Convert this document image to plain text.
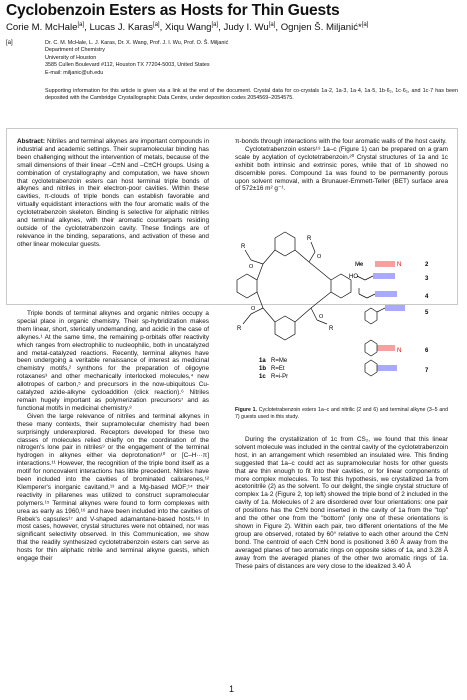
Cyclobenzoin Esters as Hosts for Thin Guests
Corie M. McHale[a], Lucas J. Karas[a], Xiqu Wang[a], Judy I. Wu[a], Ognjen Š. Miljanić*[a]
[a]	Dr. C. M. McHale, L. J. Karas, Dr. X. Wang, Prof. J. I. Wu, Prof. O. Š. Miljanić
Department of Chemistry
University of Houston
3585 Cullen Boulevard #112, Houston TX 77204-5003, United States
E-mail: miljanic@uh.edu
Supporting information for this article is given via a link at the end of the document. Crystal data for co-crystals 1a·2, 1a·3, 1a·4, 1a·5, 1b·6₂, 1c·6₂, and 1c·7 has been deposited with the Cambridge Crystallographic Data Centre, under deposition codes 2054569–2054575.

Abstract: Nitriles and terminal alkynes are important compounds in industrial and academic settings. Their supramolecular binding has been challenging without the intervention of metals, because of the small dimensions of their linear –C≡N and –C≡CH groups. Using a combination of crystallography and computation, we have shown that cyclotetrabenzoin esters can host terminal triple bonds of alkynes and nitriles in their electron-poor cavities. Within these cavities, π-clouds of triple bonds can establish favorable and virtually equidistant interactions with the four aromatic walls of the cyclotetrabenzoin skeleton. Binding is selective for aliphatic nitriles and terminal alkynes, with their aromatic counterparts residing outside of the cyclotetrabenzoin cavity. These findings are of relevance in the binding, separations, and activation of these and other linear molecular guests.

π-bonds through interactions with the four aromatic walls of the host cavity.

Cyclotetrabenzoin esters¹⁹ 1a–c (Figure 1) can be prepared on a gram scale by acylation of cyclotetrabenzoin.²⁰ Crystal structures of 1a and 1c exhibit both intrinsic and extrinsic pores, while that of 1b showed no discernible pores. Compound 1a was found to be permanently porous upon solvent removal, with a Brunauer-Emmett-Teller (BET) surface area of 572±16 m² g⁻¹.

R
R
R
R
O
O
O
O
1a R=Me
1b R=Et
1c R=i-Pr
Me	N
HO
N
2
3
4
5
6
7
Figure 1. Cyclotetrabenzoin esters 1a–c and nitrilic (2 and 6) and terminal alkyne (3–5 and 7) guests used in this study.

Triple bonds of terminal alkynes and organic nitriles occupy a special place in organic chemistry. Their sp-hybridization makes them linear, short, sterically undemanding, and acidic in the case of alkynes.¹ At the same time, the remaining p-orbitals offer reactivity which ranges from electrophilic to nucleophilic, both in uncatalyzed and metal-catalyzed reactions. Recently, terminal alkynes have been undergoing a veritable renaissance of interest as medicinal chemistry motifs,² synthons for the preparation of oligoyne rotaxanes³ and other mechanically interlocked molecules,⁴ new allotropes of carbon,⁵ and precursors in the now-ubiquitous Cu-catalyzed azide-alkyne cycloaddition (click reaction).⁶ Nitriles remain hugely important as polymerization precursors⁷ and as functional motifs in medicinal chemistry.⁸

Given the large relevance of nitriles and terminal alkynes in these many contexts, their supramolecular chemistry had been surprisingly underexplored. Receptors developed for these two classes of molecules relied chiefly on the coordination of the nitrogen's lone pair in nitriles⁹ or the engagement of the terminal hydrogen in alkynes either via deprotonation¹⁰ or [C–H···π] interactions.¹¹ However, the recognition of the triple bond itself as a motif for noncovalent interactions has little precedent. Nitriles have been included into the cavities of brominated calixarenes,¹² Klemperer's inorganic cavitand,¹³ and a Mg-based MOF;¹⁴ their reactivity in pillarenes was utilized to construct supramolecular polymers.¹⁵ Terminal alkynes were found to form complexes with urea as early as 1960,¹⁶ and have been included into the cavities of Rebek's capsules¹⁷ and V-shaped adamantane-based hosts.¹⁸ In most cases, however, crystal structures were not obtained, nor was significant selectivity observed. In this Communication, we show that the readily synthesized cyclotetrabenzoin esters can serve as hosts for thin aliphatic nitrile and terminal alkyne guests, which engage their

During the crystallization of 1c from CS₂, we found that this linear solvent molecule was included in the central cavity of the cyclotetrabenzoin host, in an arrangement which resembled an insulated wire. This finding suggested that 1a–c could act as supramolecular hosts for other guests that are thin enough to fit into their cavities, or for linear components of more complex molecules. To test this hypothesis, we crystallized 1a from acetonitrile (2) as the solvent. To our delight, the single crystal structure of complex 1a·2 (Figure 2, top left) showed the triple bond of 2 included in the cavity of 1a. Molecules of 2 are disordered over four orientations: one pair of positions has the C≡N bond inserted in the cavity of 1a from the "top" and the other one from the "bottom" (only one of these orientations is shown in Figure 2). Within each pair, two different orientations of the Me group are observed, rotated by 60° relative to each other around the C≡N bond. The centroid of each C≡N bond is positioned 3.60 Å away from the averaged planes of two aromatic rings on opposite sides of 1a, and 3.28 Å away from the averaged planes of the other two aromatic rings of 1a. These pairs of distances are very close to the idealized 3.40 Å

1
